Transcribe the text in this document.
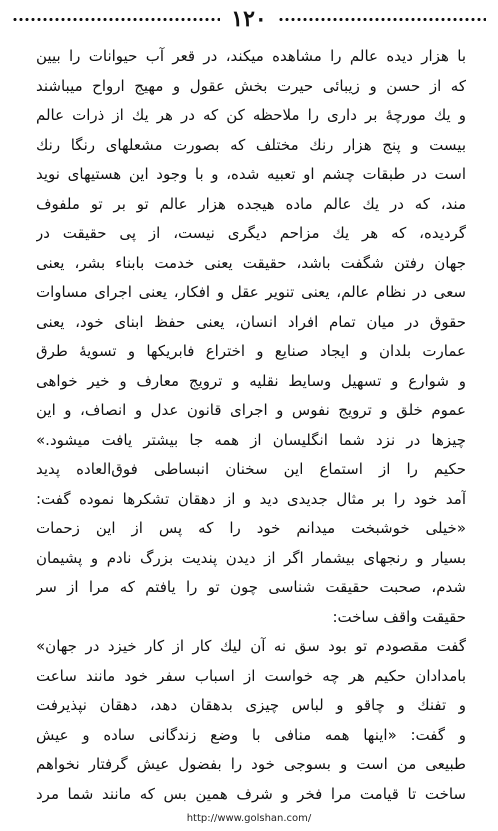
۱۲۰
با هزار دیده عالم را مشاهده میکند، در قعر آب حیوانات را بیین
که از حسن و زیبائی حیرت بخش عقول و مهیج ارواح میباشند
و یك مورچهٔ بر داری را ملاحظه کن که در هر یك از ذرات عالم
بیست و پنج هزار رنك مختلف که بصورت مشعلهای رنگا رنك
است در طبقات چشم او تعبیه شده، و با وجود این هستیهای نوید
مند، که در یك عالم ماده هیجده هزار عالم تو بر تو ملفوف
گردیده، که هر یك مزاحم دیگری نیست، از پی حقیقت در
جهان رفتن شگفت باشد، حقیقت یعنی خدمت بابناء بشر، یعنی
سعی در نظام عالم، یعنی تنویر عقل و افکار، یعنی اجرای مساوات
حقوق در میان تمام افراد انسان، یعنی حفظ ابنای خود، یعنی
عمارت بلدان و ایجاد صنایع و اختراع فابریکها و تسویهٔ طرق
و شوارع و تسهیل وسایط نقلیه و ترویج معارف و خیر خواهی
عموم خلق و ترویج نفوس و اجرای قانون عدل و انصاف، و این
چیزها در نزد شما انگلیسان از همه جا بیشتر یافت میشود.»
حکیم را از استماع این سخنان انبساطی فوق‌العاده پدید
آمد خود را بر مثال جدیدی دید و از دهقان تشکرها نموده گفت:
«خیلی خوشبخت میدانم خود را که پس از این زحمات
بسیار و رنجهای بیشمار اگر از دیدن پندیت بزرگ نادم و پشیمان
شدم، صحبت حقیقت شناسی چون تو را یافتم که مرا از سر
حقیقت واقف ساخت:
گفت مقصودم تو بود سق نه آن لیك کار از کار خیزد در جهان»
بامدادان حکیم هر چه خواست از اسباب سفر خود مانند ساعت
و تفنك و چاقو و لباس چیزی بدهقان دهد، دهقان نپذیرفت
و گفت: «اینها همه منافی با وضع زندگانی ساده و عیش
طبیعی من است و بسوجی خود را بفضول عیش گرفتار نخواهم
ساخت تا قیامت مرا فخر و شرف همین بس که مانند شما مرد
http://www.golshan.com/
